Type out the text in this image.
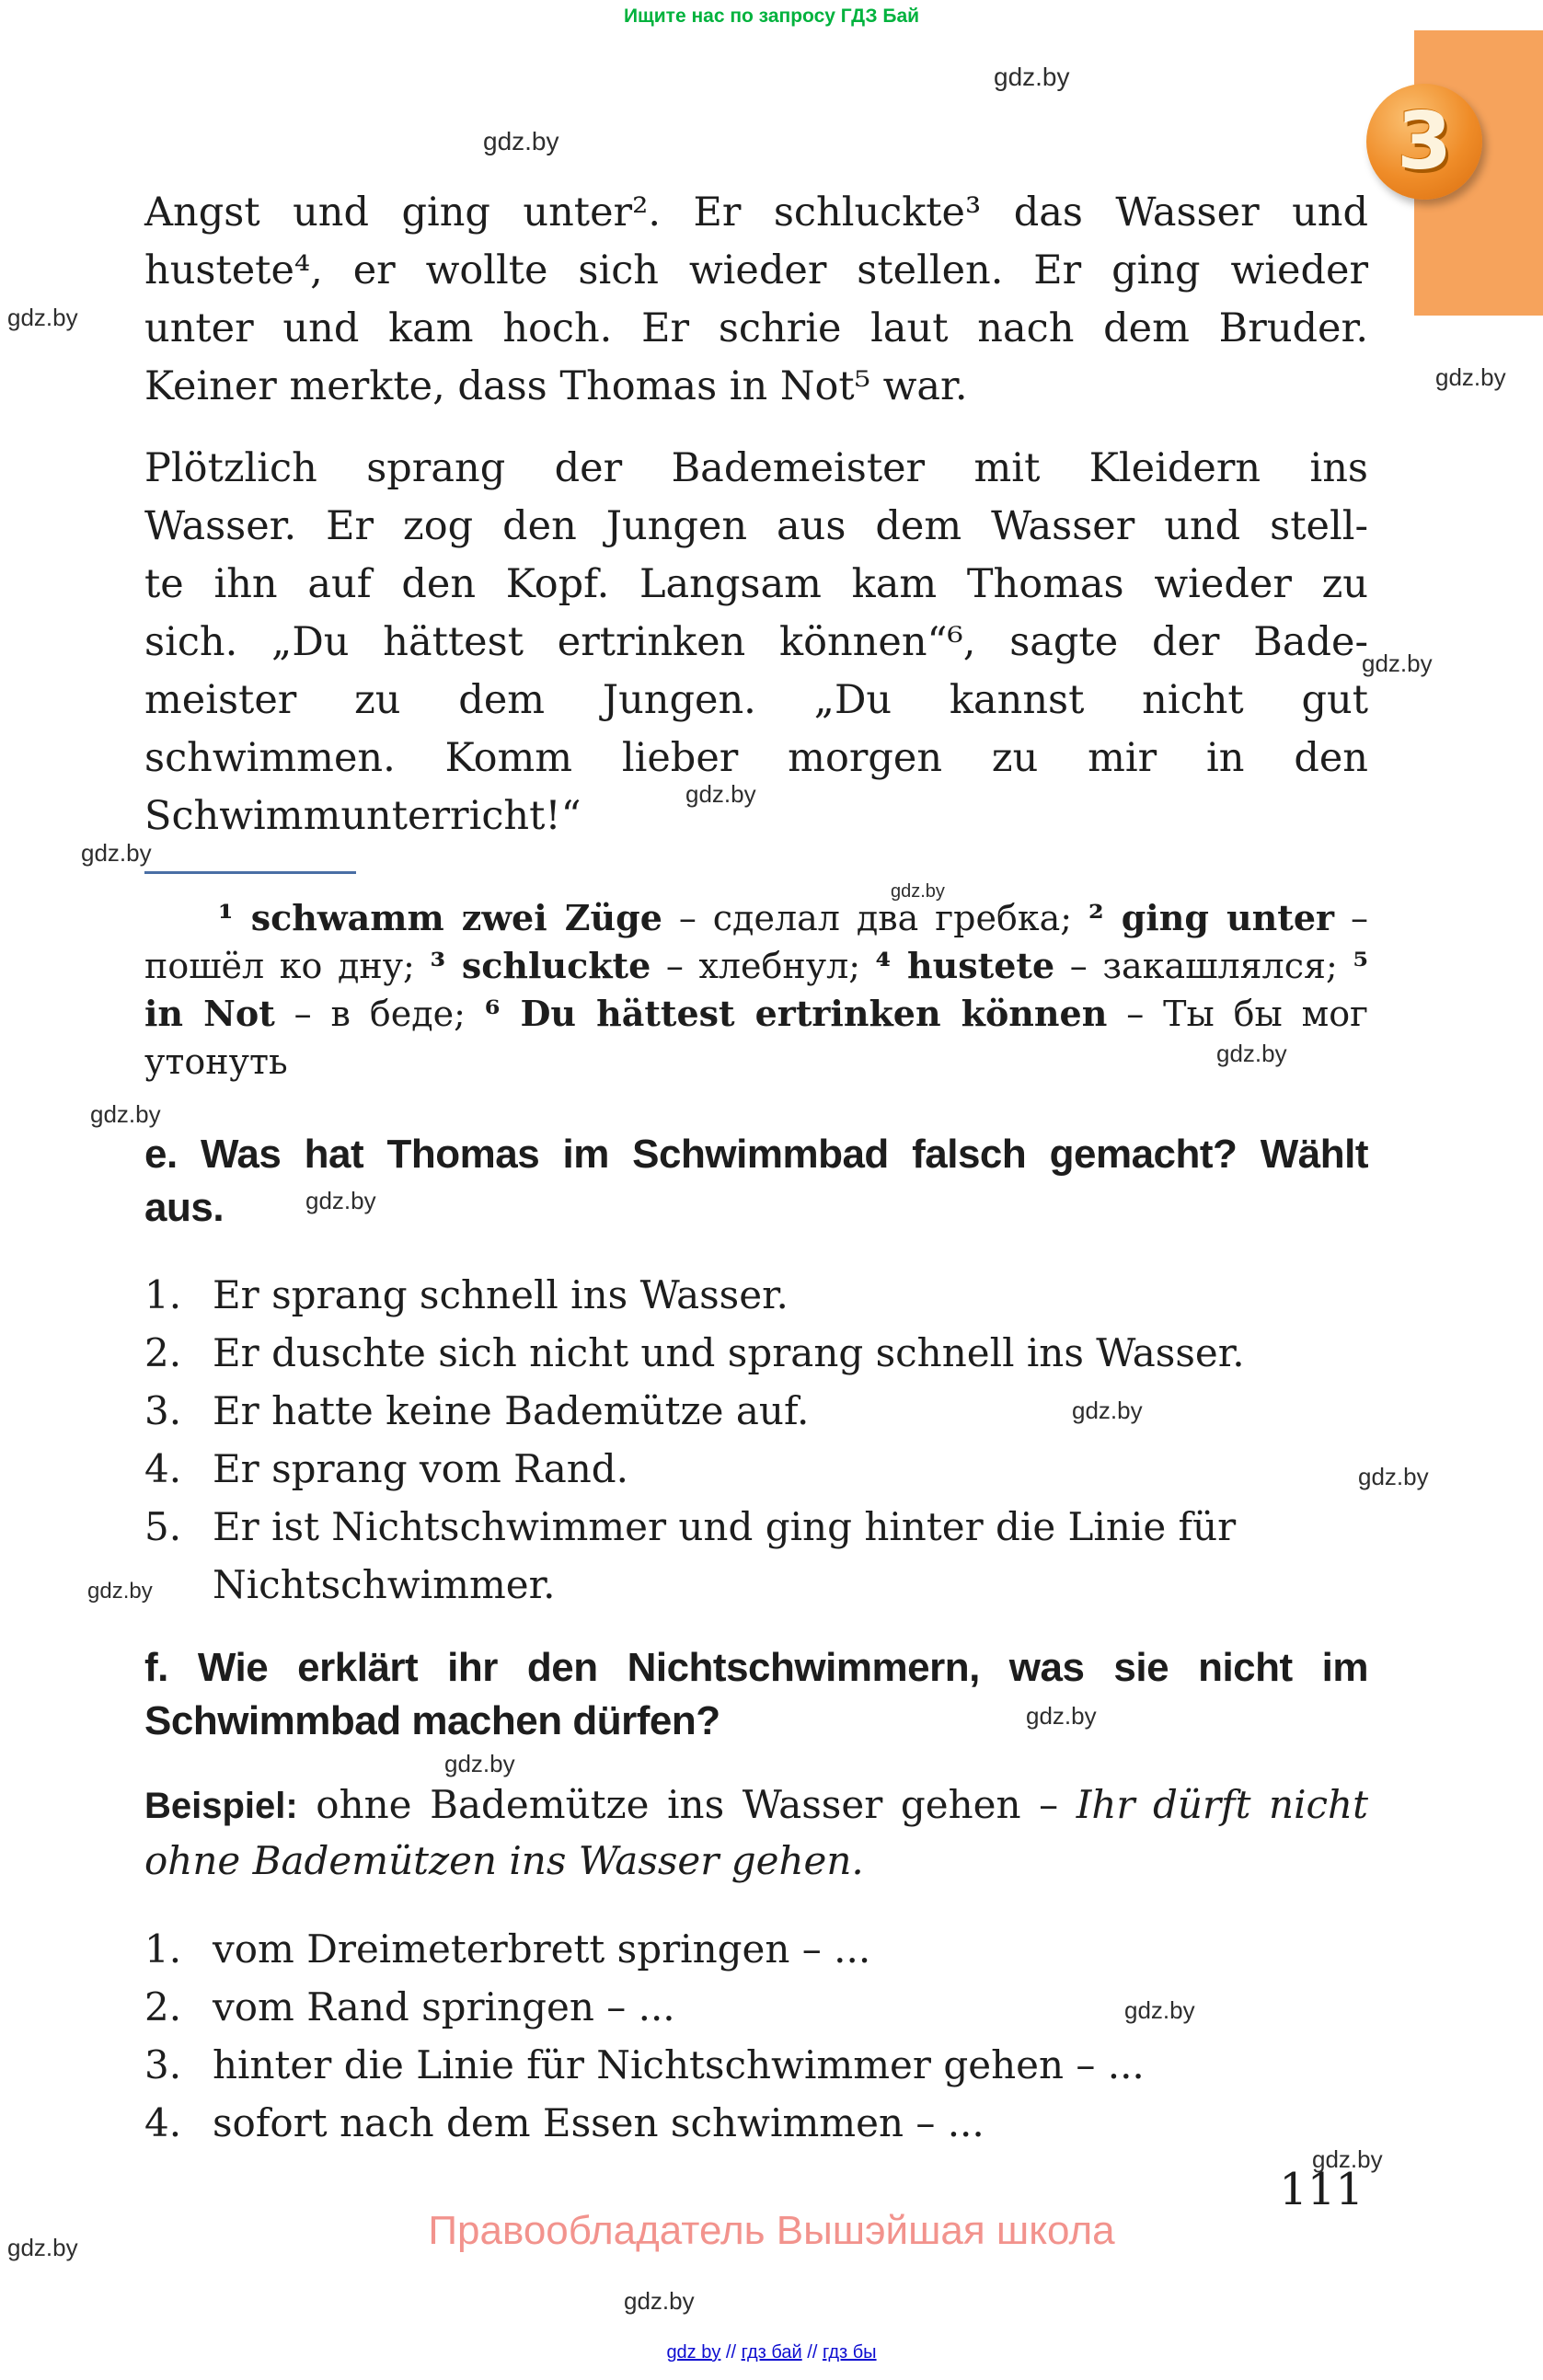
Ищите нас по запросу ГДЗ Бай
3
Angst und ging unter². Er schluckte³ das Wasser und
hustete⁴, er wollte sich wieder stellen. Er ging wieder
unter und kam hoch. Er schrie laut nach dem Bruder.
Keiner merkte, dass Thomas in Not⁵ war.
Plötzlich sprang der Bademeister mit Kleidern ins
Wasser. Er zog den Jungen aus dem Wasser und stell-
te ihn auf den Kopf. Langsam kam Thomas wieder zu
sich. „Du hättest ertrinken können“⁶, sagte der Bade-
meister zu dem Jungen. „Du kannst nicht gut
schwimmen. Komm lieber morgen zu mir in den
Schwimmunterricht!“
¹ schwamm zwei Züge – сделал два гребка; ² ging unter – пошёл ко дну; ³ schluckte – хлебнул; ⁴ hustete – закашлялся; ⁵ in Not – в беде; ⁶ Du hättest ertrinken können – Ты бы мог утонуть
e. Was hat Thomas im Schwimmbad falsch gemacht? Wählt
aus.
1. Er sprang schnell ins Wasser.
2. Er duschte sich nicht und sprang schnell ins Wasser.
3. Er hatte keine Bademütze auf.
4. Er sprang vom Rand.
5. Er ist Nichtschwimmer und ging hinter die Linie für Nichtschwimmer.
f. Wie erklärt ihr den Nichtschwimmern, was sie nicht im
Schwimmbad machen dürfen?
Beispiel: ohne Bademütze ins Wasser gehen – Ihr dürft nicht ohne Bademützen ins Wasser gehen.
1. vom Dreimeterbrett springen – ...
2. vom Rand springen – ...
3. hinter die Linie für Nichtschwimmer gehen – ...
4. sofort nach dem Essen schwimmen – ...
111
Правообладатель Вышэйшая школа
gdz by // гдз бай // гдз бы
gdz.by
gdz.by
gdz.by
gdz.by
gdz.by
gdz.by
gdz.by
gdz.by
gdz.by
gdz.by
gdz.by
gdz.by
gdz.by
gdz.by
gdz.by
gdz.by
gdz.by
gdz.by
gdz.by
gdz.by
